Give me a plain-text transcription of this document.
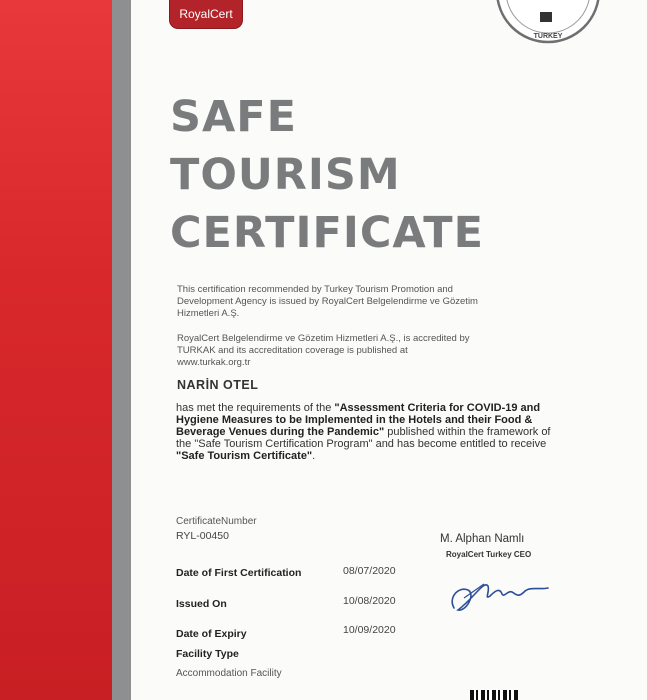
RoyalCert
TURKEY
SAFE
TOURISM
CERTIFICATE

This certification recommended by Turkey Tourism Promotion and
Development Agency is issued by RoyalCert Belgelendirme ve Gözetim
Hizmetleri A.Ş.

RoyalCert Belgelendirme ve Gözetim Hizmetleri A.Ş., is accredited by
TURKAK and its accreditation coverage is published at
www.turkak.org.tr

NARİN OTEL
has met the requirements of the "Assessment Criteria for COVID-19 and Hygiene Measures to be Implemented in the Hotels and their Food & Beverage Venues during the Pandemic" published within the framework of the "Safe Tourism Certification Program" and has become entitled to receive "Safe Tourism Certificate".
CertificateNumber
RYL-00450
Date of First Certification	08/07/2020
Issued On	10/08/2020
Date of Expiry	10/09/2020
Facility Type
Accommodation Facility
M. Alphan Namlı
RoyalCert Turkey CEO
